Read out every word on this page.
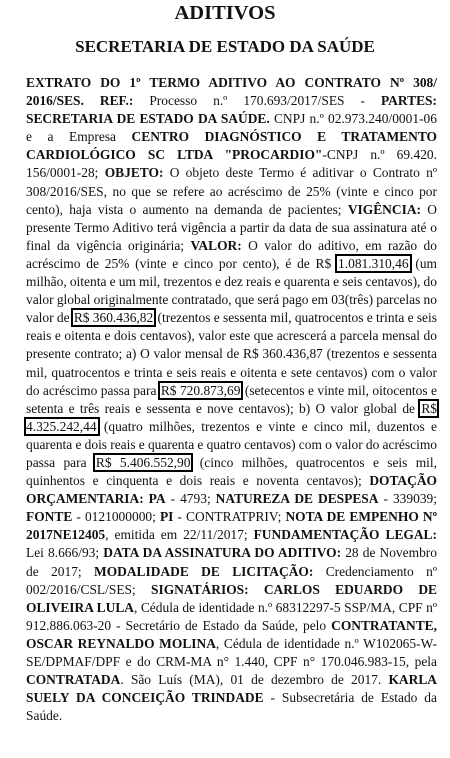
ADITIVOS
SECRETARIA DE ESTADO DA SAÚDE

EXTRATO DO 1º TERMO ADITIVO AO CONTRATO Nº 308/ 2016/SES. REF.: Processo n.º 170.693/2017/SES - PARTES: SECRETARIA DE ESTADO DA SAÚDE. CNPJ n.º 02.973.240/0001-06 e a Empresa CENTRO DIAGNÓSTICO E TRATAMENTO CARDIOLÓGICO SC LTDA "PROCARDIO"-CNPJ n.º 69.420. 156/0001-28; OBJETO: O objeto deste Termo é aditivar o Contrato nº 308/2016/SES, no que se refere ao acréscimo de 25% (vinte e cinco por cento), haja vista o aumento na demanda de pacientes; VIGÊNCIA: O presente Termo Aditivo terá vigência a partir da data de sua assinatura até o final da vigência originária; VALOR: O valor do aditivo, em razão do acréscimo de 25% (vinte e cinco por cento), é de R$ 1.081.310,46 (um milhão, oitenta e um mil, trezentos e dez reais e quarenta e seis centavos), do valor global originalmente contratado, que será pago em 03(três) parcelas no valor de R$ 360.436,82 (trezentos e sessenta mil, quatrocentos e trinta e seis reais e oitenta e dois centavos), valor este que acrescerá a parcela mensal do presente contrato; a) O valor mensal de R$ 360.436,87 (trezentos e sessenta mil, quatrocentos e trinta e seis reais e oitenta e sete centavos) com o valor do acréscimo passa para R$ 720.873,69 (setecentos e vinte mil, oitocentos e setenta e três reais e sessenta e nove centavos); b) O valor global de R$ 4.325.242,44 (quatro milhões, trezentos e vinte e cinco mil, duzentos e quarenta e dois reais e quarenta e quatro centavos) com o valor do acréscimo passa para R$ 5.406.552,90 (cinco milhões, quatrocentos e seis mil, quinhentos e cinquenta e dois reais e noventa centavos); DOTAÇÃO ORÇAMENTARIA: PA - 4793; NATUREZA DE DESPESA - 339039; FONTE - 0121000000; PI - CONTRATPRIV; NOTA DE EMPENHO Nº 2017NE12405, emitida em 22/11/2017; FUNDAMENTAÇÃO LEGAL: Lei 8.666/93; DATA DA ASSINATURA DO ADITIVO: 28 de Novembro de 2017; MODALIDADE DE LICITAÇÃO: Credenciamento nº 002/2016/CSL/SES; SIGNATÁRIOS: CARLOS EDUARDO DE OLIVEIRA LULA, Cédula de identidade n.º 68312297-5 SSP/MA, CPF nº 912.886.063-20 - Secretário de Estado da Saúde, pelo CONTRATANTE, OSCAR REYNALDO MOLINA, Cédula de identidade n.º W102065-W-SE/DPMAF/DPF e do CRM-MA n° 1.440, CPF n° 170.046.983-15, pela CONTRATADA. São Luís (MA), 01 de dezembro de 2017. KARLA SUELY DA CONCEIÇÃO TRINDADE - Subsecretária de Estado da Saúde.
